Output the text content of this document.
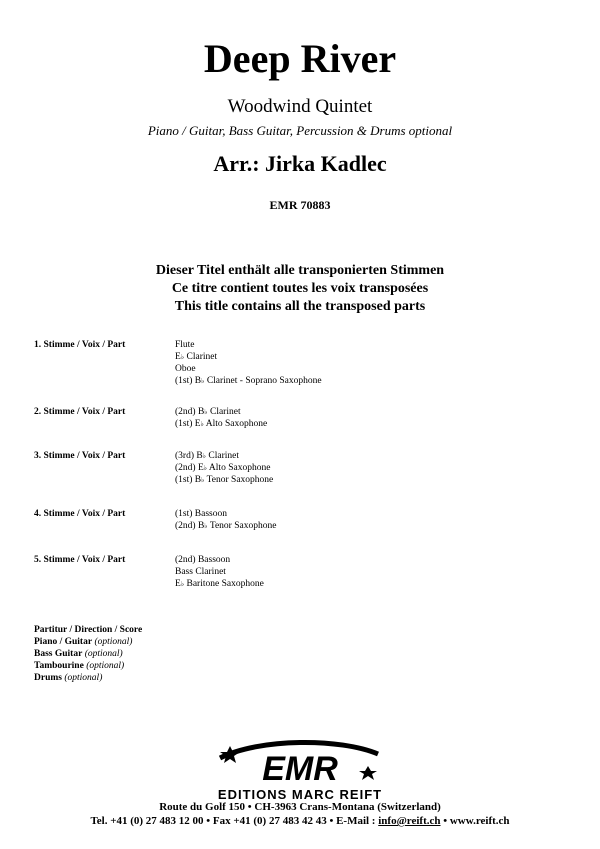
Deep River
Woodwind Quintet
Piano / Guitar, Bass Guitar, Percussion & Drums optional
Arr.: Jirka Kadlec
EMR 70883
Dieser Titel enthält alle transponierten Stimmen
Ce titre contient toutes les voix transposées
This title contains all the transposed parts
1. Stimme / Voix / Part	Flute
E♭ Clarinet
Oboe
(1st) B♭ Clarinet - Soprano Saxophone
2. Stimme / Voix / Part	(2nd) B♭ Clarinet
(1st) E♭ Alto Saxophone
3. Stimme / Voix / Part	(3rd) B♭ Clarinet
(2nd) E♭ Alto Saxophone
(1st) B♭ Tenor Saxophone
4. Stimme / Voix / Part	(1st) Bassoon
(2nd) B♭ Tenor Saxophone
5. Stimme / Voix / Part	(2nd) Bassoon
Bass Clarinet
E♭ Baritone Saxophone
Partitur / Direction / Score
Piano / Guitar (optional)
Bass Guitar (optional)
Tambourine (optional)
Drums (optional)
EMR
EDITIONS MARC REIFT
Route du Golf 150 • CH-3963 Crans-Montana (Switzerland)
Tel. +41 (0) 27 483 12 00 • Fax +41 (0) 27 483 42 43 • E-Mail : info@reift.ch • www.reift.ch
